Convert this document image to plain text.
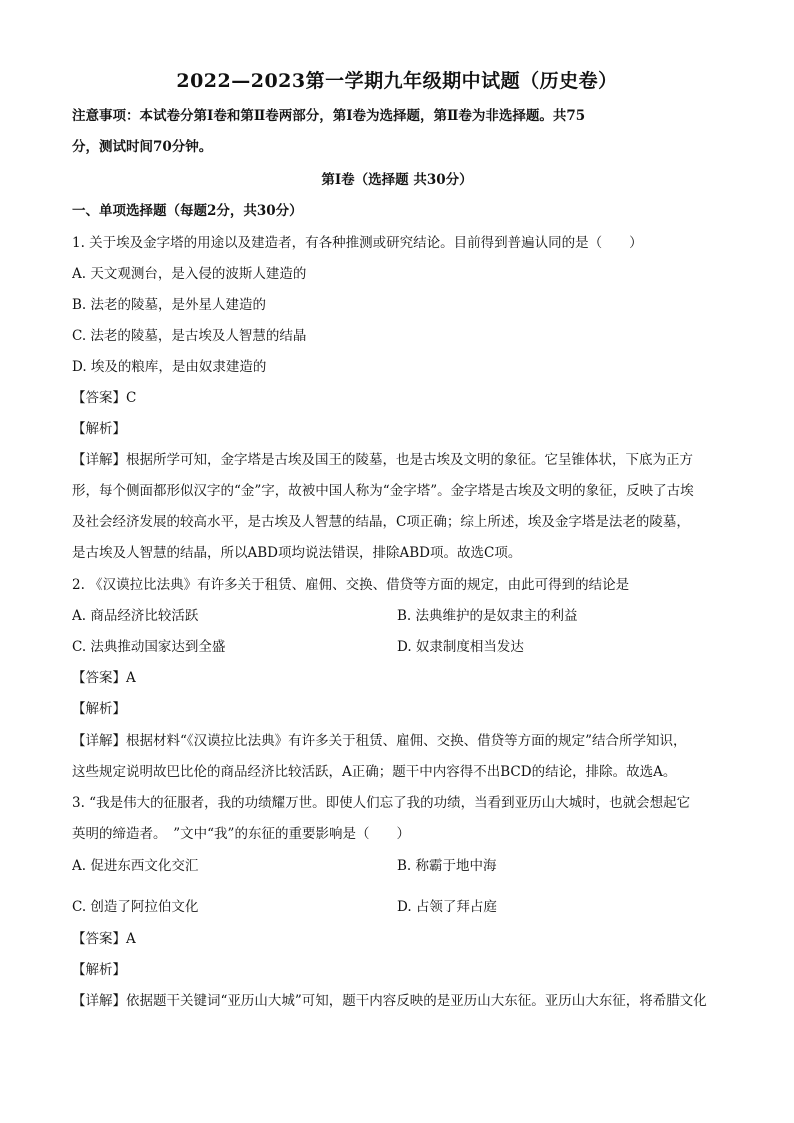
2022—2023第一学期九年级期中试题（历史卷）
注意事项：本试卷分第Ⅰ卷和第Ⅱ卷两部分，第Ⅰ卷为选择题，第Ⅱ卷为非选择题。共75
分，测试时间70分钟。
第Ⅰ卷（选择题 共30分）
一、单项选择题（每题2分，共30分）
1. 关于埃及金字塔的用途以及建造者，有各种推测或研究结论。目前得到普遍认同的是（　　）
A. 天文观测台，是入侵的波斯人建造的
B. 法老的陵墓，是外星人建造的
C. 法老的陵墓，是古埃及人智慧的结晶
D. 埃及的粮库，是由奴隶建造的
【答案】C
【解析】
【详解】根据所学可知，金字塔是古埃及国王的陵墓，也是古埃及文明的象征。它呈锥体状，下底为正方
形，每个侧面都形似汉字的“金”字，故被中国人称为“金字塔”。金字塔是古埃及文明的象征，反映了古埃
及社会经济发展的较高水平，是古埃及人智慧的结晶，C项正确；综上所述，埃及金字塔是法老的陵墓，
是古埃及人智慧的结晶，所以ABD项均说法错误，排除ABD项。故选C项。
2. 《汉谟拉比法典》有许多关于租赁、雇佣、交换、借贷等方面的规定，由此可得到的结论是
A. 商品经济比较活跃	B. 法典维护的是奴隶主的利益
C. 法典推动国家达到全盛	D. 奴隶制度相当发达
【答案】A
【解析】
【详解】根据材料“《汉谟拉比法典》有许多关于租赁、雇佣、交换、借贷等方面的规定”结合所学知识，
这些规定说明故巴比伦的商品经济比较活跃，A正确；题干中内容得不出BCD的结论，排除。故选A。
3. “我是伟大的征服者，我的功绩耀万世。即使人们忘了我的功绩，当看到亚历山大城时，也就会想起它
英明的缔造者。　”文中“我”的东征的重要影响是（　　）
A. 促进东西文化交汇	B. 称霸于地中海
C. 创造了阿拉伯文化	D. 占领了拜占庭
【答案】A
【解析】
【详解】依据题干关键词“亚历山大城”可知，题干内容反映的是亚历山大东征。亚历山大东征，将希腊文化
